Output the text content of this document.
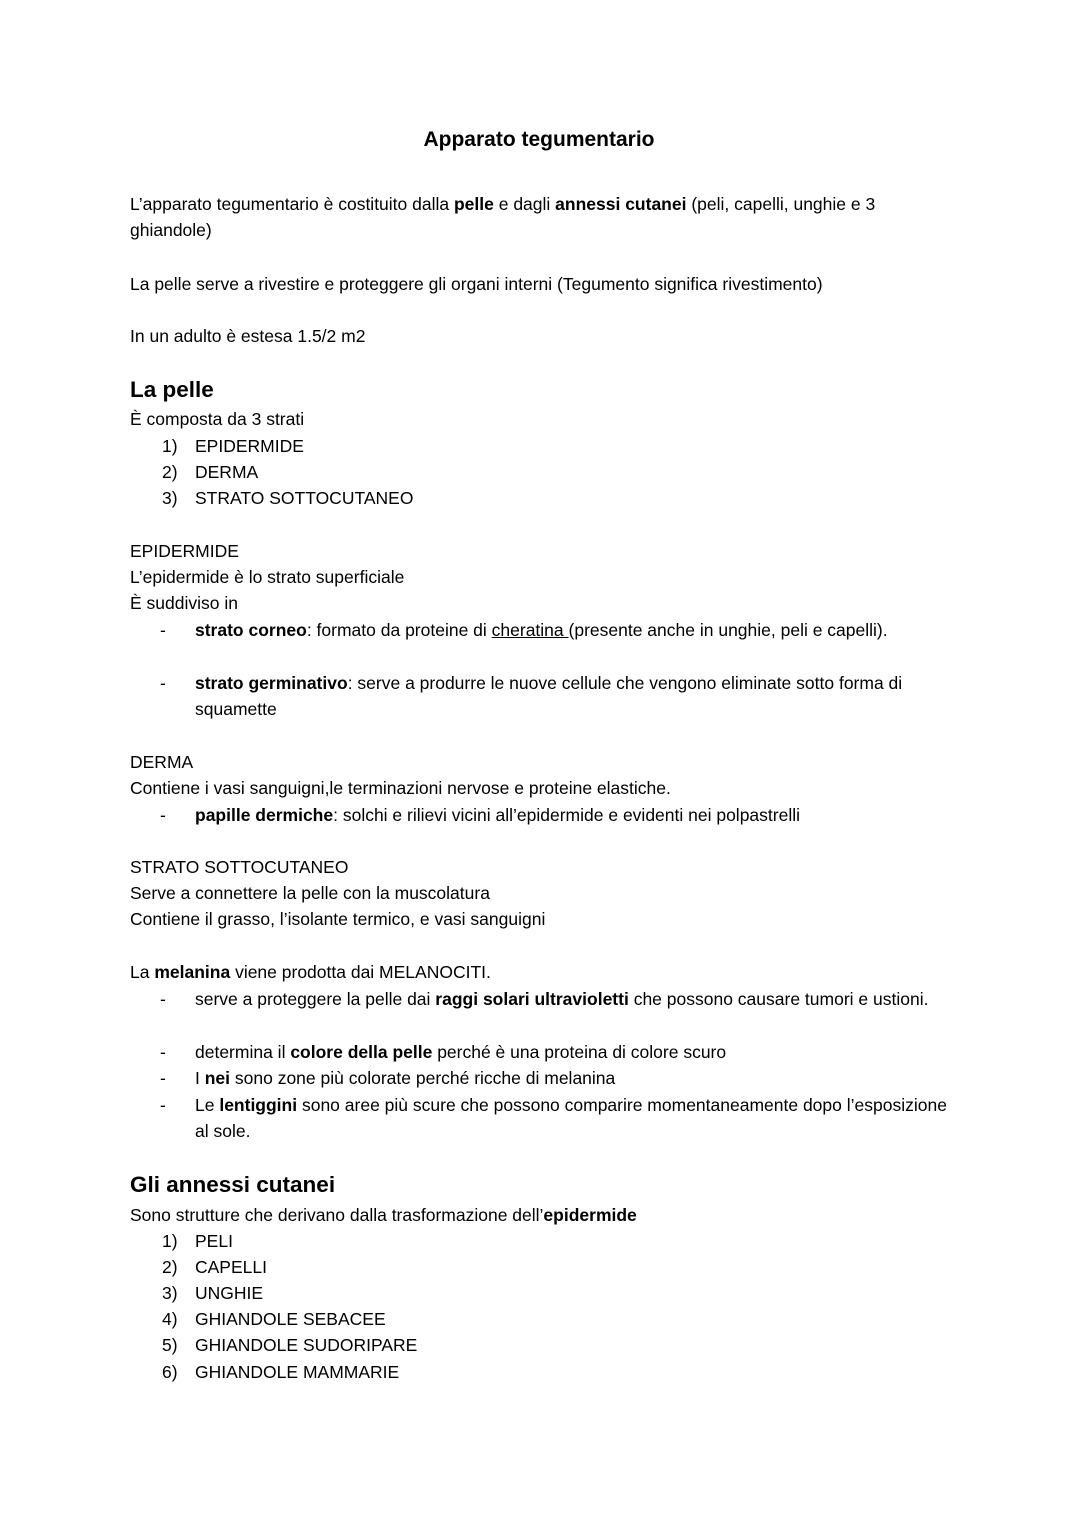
Apparato tegumentario
L’apparato tegumentario è costituito dalla pelle e dagli annessi cutanei (peli, capelli, unghie e 3 ghiandole)
La pelle serve a rivestire e proteggere gli organi interni (Tegumento significa rivestimento)
In un adulto è estesa 1.5/2 m2
La pelle
È composta da 3 strati
1) EPIDERMIDE
2) DERMA
3) STRATO SOTTOCUTANEO
EPIDERMIDE
L’epidermide è lo strato superficiale
È suddiviso in
- strato corneo: formato da proteine di cheratina (presente anche in unghie, peli e capelli).
- strato germinativo: serve a produrre le nuove cellule che vengono eliminate sotto forma di squamette
DERMA
Contiene i vasi sanguigni,le terminazioni nervose e proteine elastiche.
- papille dermiche: solchi e rilievi vicini all’epidermide e evidenti nei polpastrelli
STRATO SOTTOCUTANEO
Serve a connettere la pelle con la muscolatura
Contiene il grasso, l’isolante termico, e vasi sanguigni
La melanina viene prodotta dai MELANOCITI.
- serve a proteggere la pelle dai raggi solari ultravioletti che possono causare tumori e ustioni.
- determina il colore della pelle perché è una proteina di colore scuro
- I nei sono zone più colorate perché ricche di melanina
- Le lentiggini sono aree più scure che possono comparire momentaneamente dopo l’esposizione al sole.
Gli annessi cutanei
Sono strutture che derivano dalla trasformazione dell’epidermide
1) PELI
2) CAPELLI
3) UNGHIE
4) GHIANDOLE SEBACEE
5) GHIANDOLE SUDORIPARE
6) GHIANDOLE MAMMARIE
